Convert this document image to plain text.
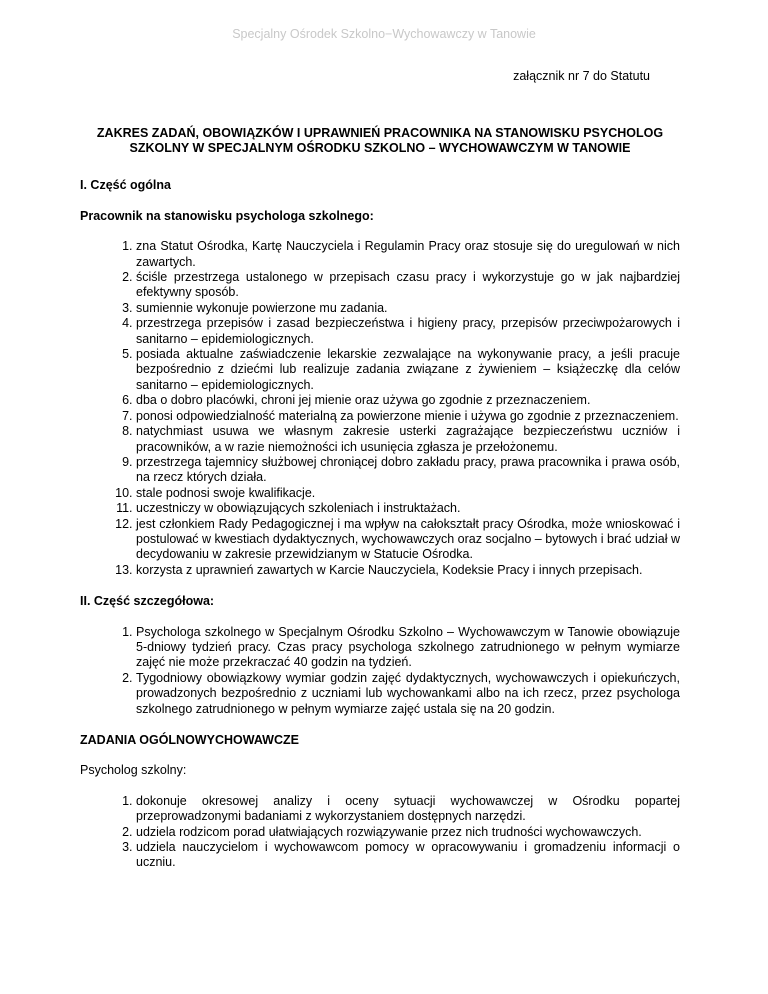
Specjalny Ośrodek Szkolno−Wychowawczy w Tanowie
załącznik nr 7 do Statutu
ZAKRES ZADAŃ, OBOWIĄZKÓW I UPRAWNIEŃ PRACOWNIKA NA STANOWISKU PSYCHOLOG SZKOLNY W SPECJALNYM OŚRODKU SZKOLNO – WYCHOWAWCZYM W TANOWIE
I. Część ogólna
Pracownik na stanowisku psychologa szkolnego:
1. zna Statut Ośrodka, Kartę Nauczyciela i Regulamin Pracy oraz stosuje się do uregulowań w nich zawartych.
2. ściśle przestrzega ustalonego w przepisach czasu pracy i wykorzystuje go w jak najbardziej efektywny sposób.
3. sumiennie wykonuje powierzone mu zadania.
4. przestrzega przepisów i zasad bezpieczeństwa i higieny pracy, przepisów przeciwpożarowych i sanitarno – epidemiologicznych.
5. posiada aktualne zaświadczenie lekarskie zezwalające na wykonywanie pracy, a jeśli pracuje bezpośrednio z dziećmi lub realizuje zadania związane z żywieniem – książeczkę dla celów sanitarno – epidemiologicznych.
6. dba o dobro placówki, chroni jej mienie oraz używa go zgodnie z przeznaczeniem.
7. ponosi odpowiedzialność materialną za powierzone mienie i używa go zgodnie z przeznaczeniem.
8. natychmiast usuwa we własnym zakresie usterki zagrażające bezpieczeństwu uczniów i pracowników, a w razie niemożności ich usunięcia zgłasza je przełożonemu.
9. przestrzega tajemnicy służbowej chroniącej dobro zakładu pracy, prawa pracownika i prawa osób, na rzecz których działa.
10. stale podnosi swoje kwalifikacje.
11. uczestniczy w obowiązujących szkoleniach i instruktażach.
12. jest członkiem Rady Pedagogicznej i ma wpływ na całokształt pracy Ośrodka, może wnioskować i postulować w kwestiach dydaktycznych, wychowawczych oraz socjalno – bytowych i brać udział w decydowaniu w zakresie przewidzianym w Statucie Ośrodka.
13. korzysta z uprawnień zawartych w Karcie Nauczyciela, Kodeksie Pracy i innych przepisach.
II. Część szczegółowa:
1. Psychologa szkolnego w Specjalnym Ośrodku Szkolno – Wychowawczym w Tanowie obowiązuje 5-dniowy tydzień pracy. Czas pracy psychologa szkolnego zatrudnionego w pełnym wymiarze zajęć nie może przekraczać 40 godzin na tydzień.
2. Tygodniowy obowiązkowy wymiar godzin zajęć dydaktycznych, wychowawczych i opiekuńczych, prowadzonych bezpośrednio z uczniami lub wychowankami albo na ich rzecz, przez psychologa szkolnego zatrudnionego w pełnym wymiarze zajęć ustala się na 20 godzin.
ZADANIA OGÓLNOWYCHOWAWCZE
Psycholog szkolny:
1. dokonuje okresowej analizy i oceny sytuacji wychowawczej w Ośrodku popartej przeprowadzonymi badaniami z wykorzystaniem dostępnych narzędzi.
2. udziela rodzicom porad ułatwiających rozwiązywanie przez nich trudności wychowawczych.
3. udziela nauczycielom i wychowawcom pomocy w opracowywaniu i gromadzeniu informacji o uczniu.
